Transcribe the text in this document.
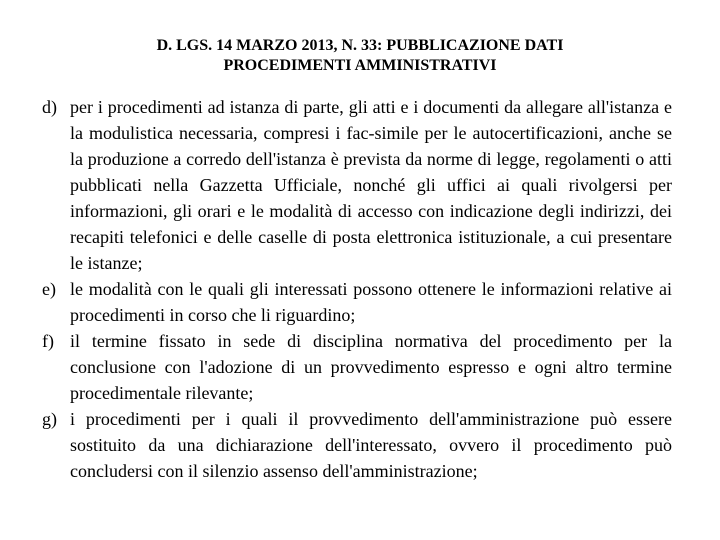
D. LGS. 14 MARZO 2013, N. 33: PUBBLICAZIONE DATI
PROCEDIMENTI AMMINISTRATIVI
d) per i procedimenti ad istanza di parte, gli atti e i documenti da allegare all'istanza e la modulistica necessaria, compresi i fac-simile per le autocertificazioni, anche se la produzione a corredo dell'istanza è prevista da norme di legge, regolamenti o atti pubblicati nella Gazzetta Ufficiale, nonché gli uffici ai quali rivolgersi per informazioni, gli orari e le modalità di accesso con indicazione degli indirizzi, dei recapiti telefonici e delle caselle di posta elettronica istituzionale, a cui presentare le istanze;
e) le modalità con le quali gli interessati possono ottenere le informazioni relative ai procedimenti in corso che li riguardino;
f) il termine fissato in sede di disciplina normativa del procedimento per la conclusione con l'adozione di un provvedimento espresso e ogni altro termine procedimentale rilevante;
g) i procedimenti per i quali il provvedimento dell'amministrazione può essere sostituito da una dichiarazione dell'interessato, ovvero il procedimento può concludersi con il silenzio assenso dell'amministrazione;
